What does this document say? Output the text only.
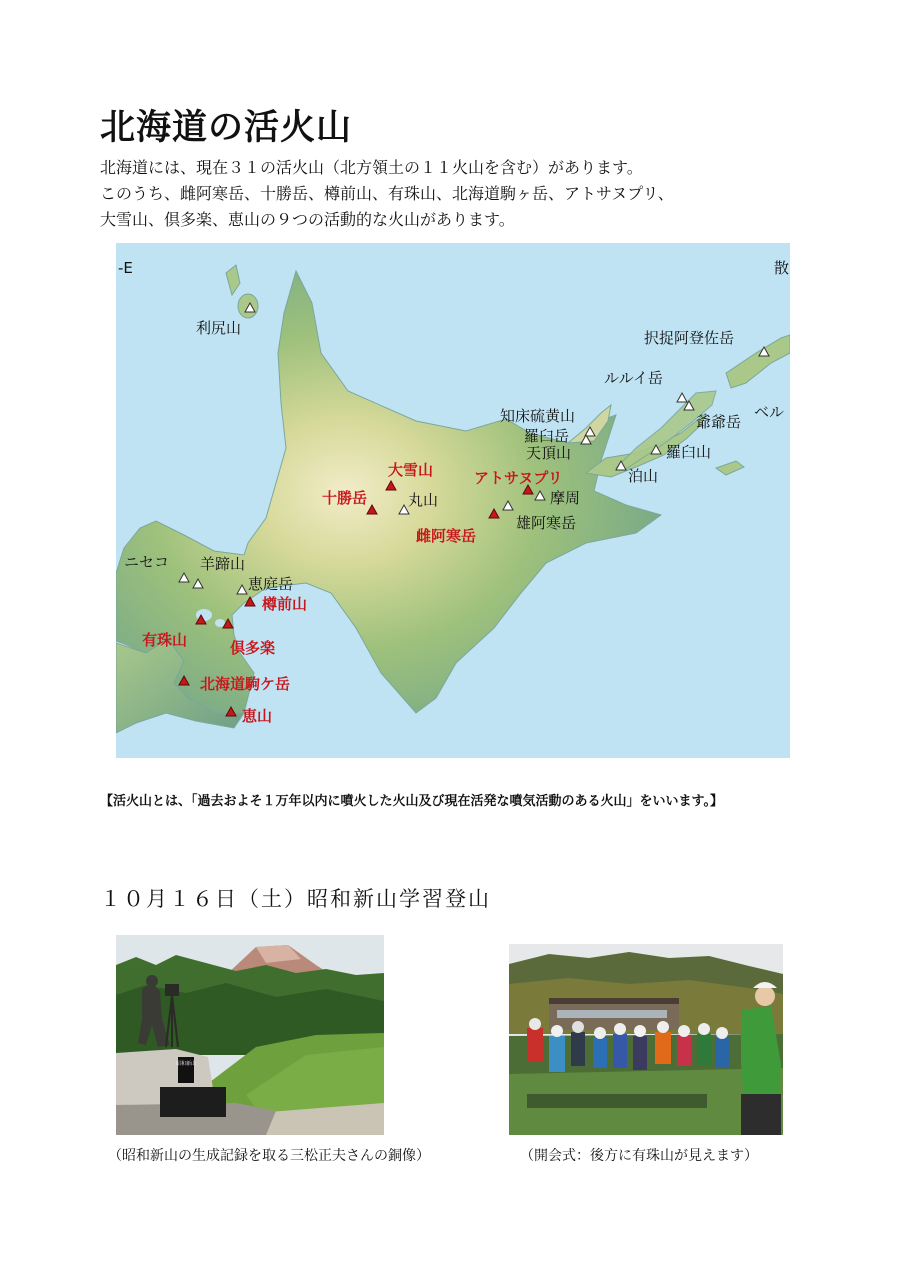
北海道の活火山

北海道には、現在３１の活火山（北方領土の１１火山を含む）があります。

このうち、雌阿寒岳、十勝岳、樽前山、有珠山、北海道駒ヶ岳、アトサヌプリ、

大雪山、倶多楽、恵山の９つの活動的な火山があります。

-E	散
大雪山
十勝岳
アトサヌプリ
雌阿寒岳
樽前山
倶多楽
有珠山
北海道駒ケ岳
恵山
利尻山
択捉阿登佐岳
ルルイ岳
ベル
爺爺岳
知床硫黄山
羅臼岳
天頂山	羅臼山
泊山
丸山	摩周
雄阿寒岳
ニセコ 羊蹄山
恵庭岳
【活火山とは、「過去およそ１万年以内に噴火した火山及び現在活発な噴気活動のある火山」をいいます。】
１０月１６日（土）昭和新山学習登山
昭和新山
（昭和新山の生成記録を取る三松正夫さんの銅像）	（開会式：後方に有珠山が見えます）
